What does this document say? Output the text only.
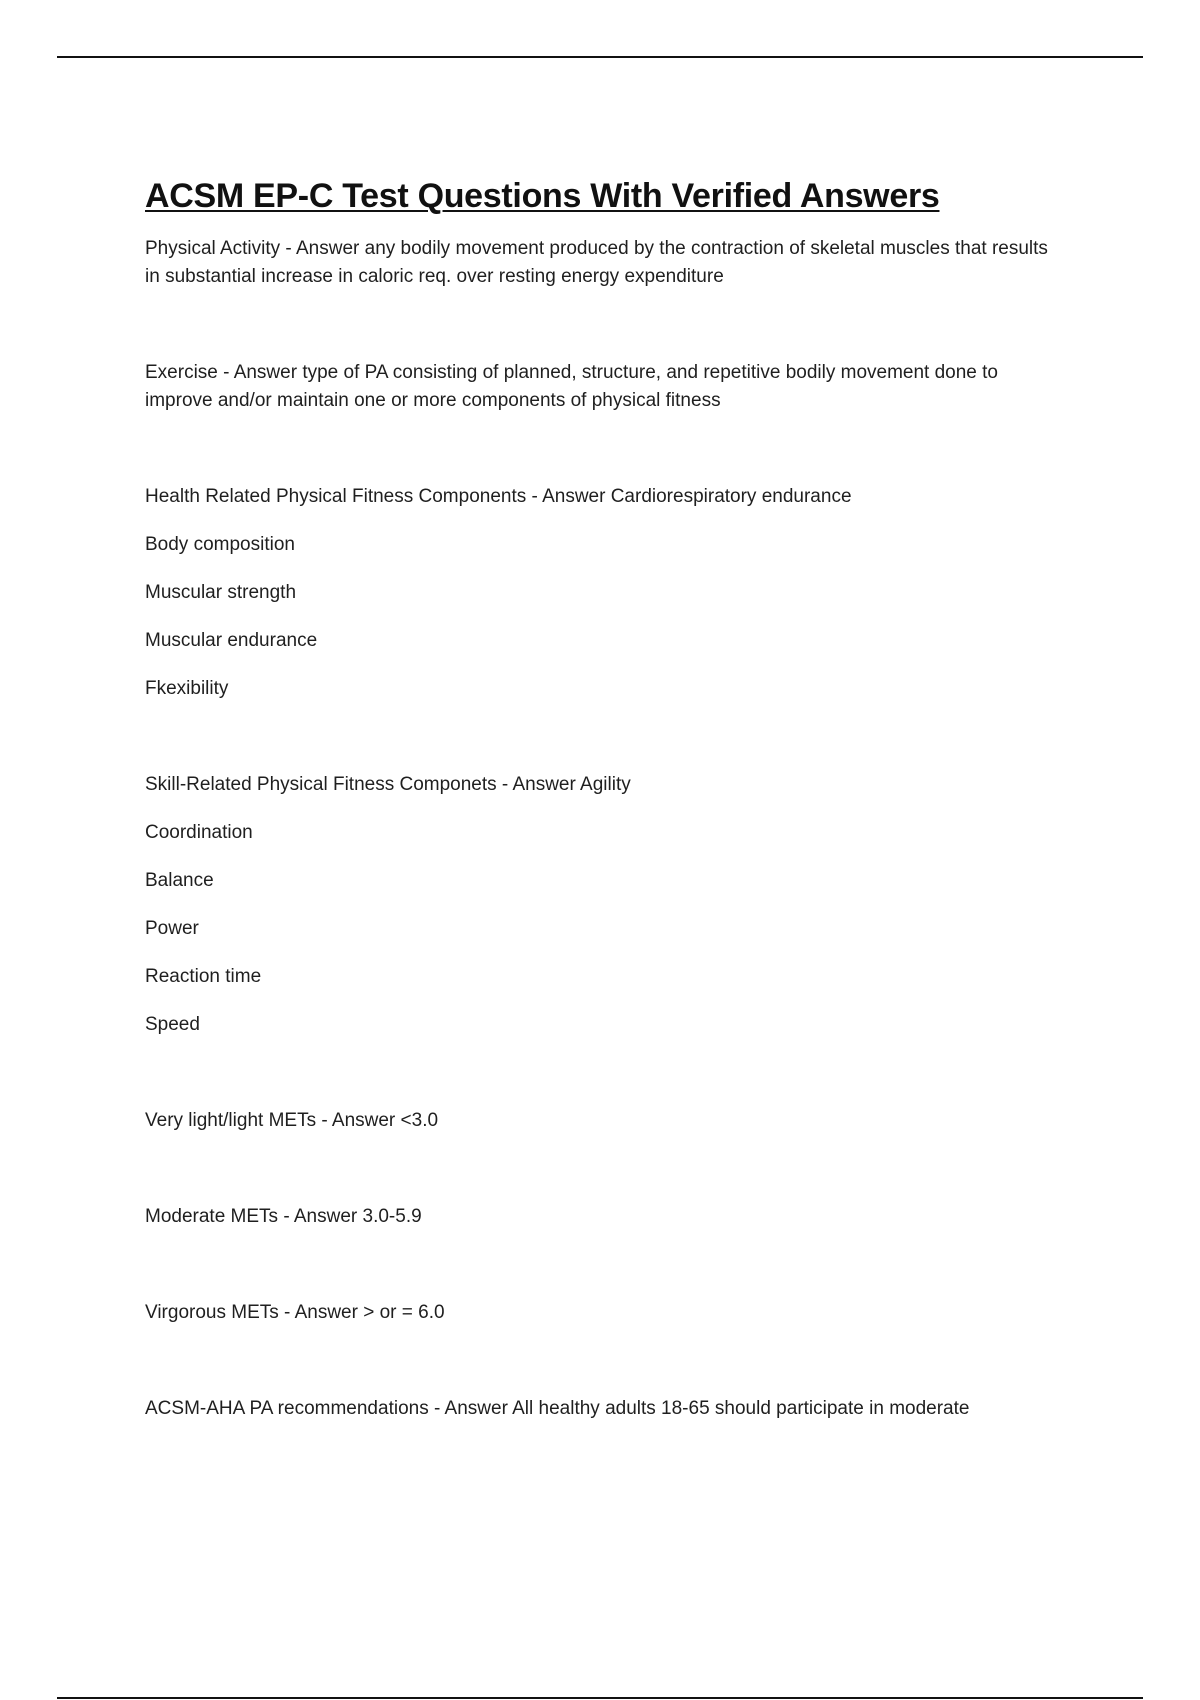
ACSM EP-C Test Questions With Verified Answers

Physical Activity - Answer any bodily movement produced by the contraction of skeletal muscles that results in substantial increase in caloric req. over resting energy expenditure

Exercise - Answer type of PA consisting of planned, structure, and repetitive bodily movement done to improve and/or maintain one or more components of physical fitness

Health Related Physical Fitness Components - Answer Cardiorespiratory endurance

Body composition

Muscular strength

Muscular endurance

Fkexibility

Skill-Related Physical Fitness Componets - Answer Agility

Coordination

Balance

Power

Reaction time

Speed

Very light/light METs - Answer <3.0

Moderate METs - Answer 3.0-5.9

Virgorous METs - Answer > or = 6.0

ACSM-AHA PA recommendations - Answer All healthy adults 18-65 should participate in moderate
